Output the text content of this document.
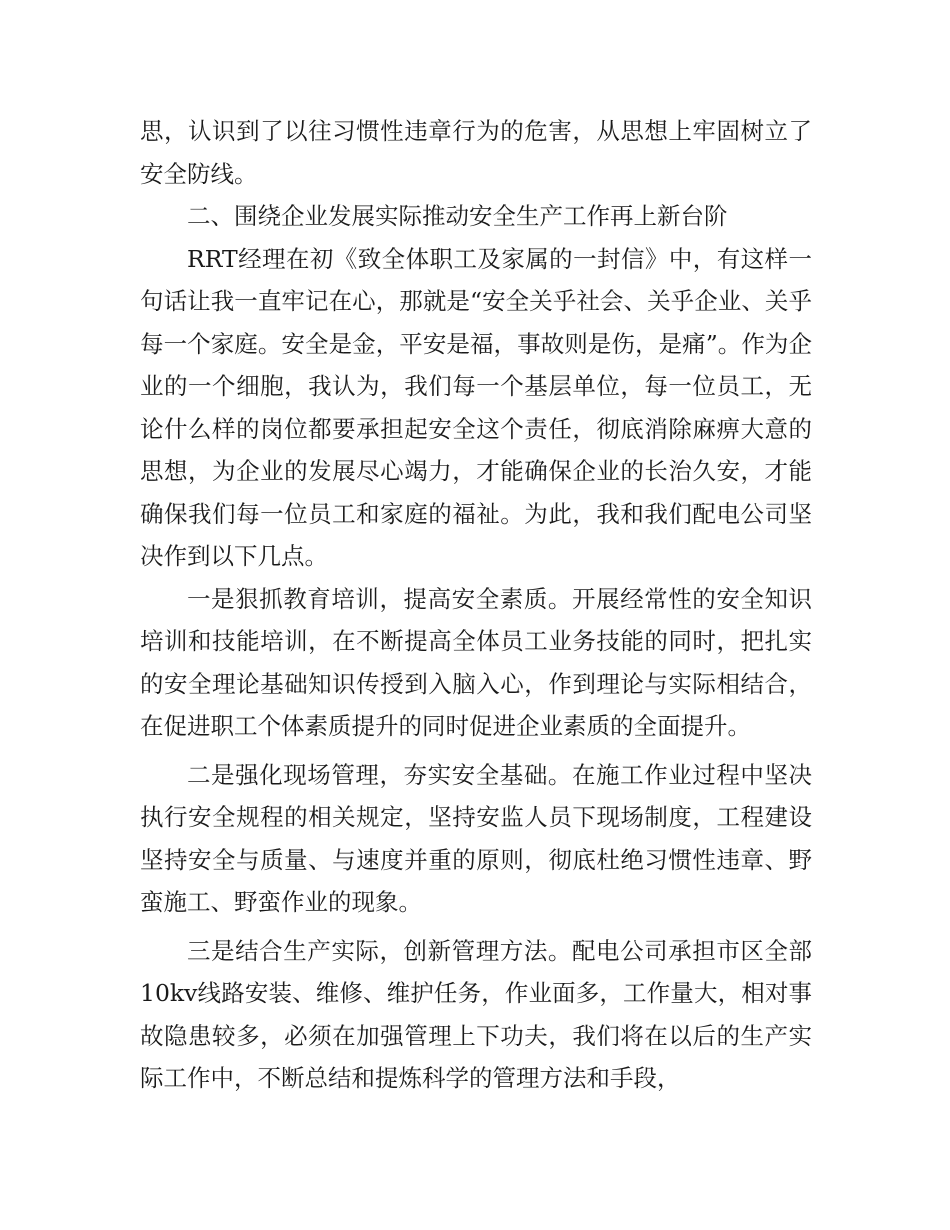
思，认识到了以往习惯性违章行为的危害，从思想上牢固树立了安全防线。

二、围绕企业发展实际推动安全生产工作再上新台阶

RRT经理在初《致全体职工及家属的一封信》中，有这样一句话让我一直牢记在心，那就是“安全关乎社会、关乎企业、关乎每一个家庭。安全是金，平安是福，事故则是伤，是痛”。作为企业的一个细胞，我认为，我们每一个基层单位，每一位员工，无论什么样的岗位都要承担起安全这个责任，彻底消除麻痹大意的思想，为企业的发展尽心竭力，才能确保企业的长治久安，才能确保我们每一位员工和家庭的福祉。为此，我和我们配电公司坚决作到以下几点。

一是狠抓教育培训，提高安全素质。开展经常性的安全知识培训和技能培训，在不断提高全体员工业务技能的同时，把扎实的安全理论基础知识传授到入脑入心，作到理论与实际相结合，在促进职工个体素质提升的同时促进企业素质的全面提升。

二是强化现场管理，夯实安全基础。在施工作业过程中坚决执行安全规程的相关规定，坚持安监人员下现场制度，工程建设坚持安全与质量、与速度并重的原则，彻底杜绝习惯性违章、野蛮施工、野蛮作业的现象。

三是结合生产实际，创新管理方法。配电公司承担市区全部10kv线路安装、维修、维护任务，作业面多，工作量大，相对事故隐患较多，必须在加强管理上下功夫，我们将在以后的生产实际工作中，不断总结和提炼科学的管理方法和手段，
